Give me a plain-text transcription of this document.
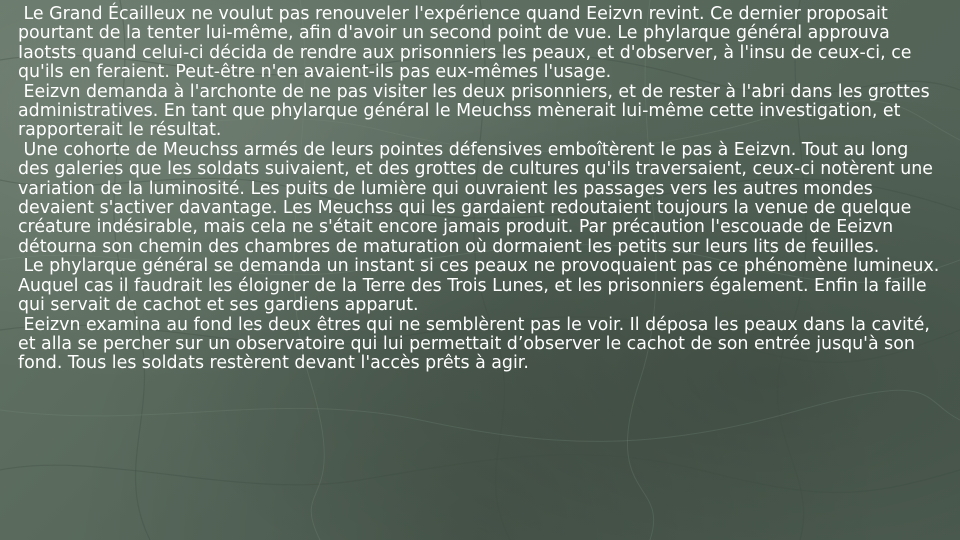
Le Grand Écailleux ne voulut pas renouveler l'expérience quand Eeizvn revint. Ce dernier proposait pourtant de la tenter lui-même, afin d'avoir un second point de vue. Le phylarque général approuva Iaotsts quand celui-ci décida de rendre aux prisonniers les peaux, et d'observer, à l'insu de ceux-ci, ce qu'ils en feraient. Peut-être n'en avaient-ils pas eux-mêmes l'usage.

Eeizvn demanda à l'archonte de ne pas visiter les deux prisonniers, et de rester à l'abri dans les grottes administratives. En tant que phylarque général le Meuchss mènerait lui-même cette investigation, et rapporterait le résultat.

Une cohorte de Meuchss armés de leurs pointes défensives emboîtèrent le pas à Eeizvn. Tout au long des galeries que les soldats suivaient, et des grottes de cultures qu'ils traversaient, ceux-ci notèrent une variation de la luminosité. Les puits de lumière qui ouvraient les passages vers les autres mondes devaient s'activer davantage. Les Meuchss qui les gardaient redoutaient toujours la venue de quelque créature indésirable, mais cela ne s'était encore jamais produit. Par précaution l'escouade de Eeizvn détourna son chemin des chambres de maturation où dormaient les petits sur leurs lits de feuilles.

Le phylarque général se demanda un instant si ces peaux ne provoquaient pas ce phénomène lumineux. Auquel cas il faudrait les éloigner de la Terre des Trois Lunes, et les prisonniers également. Enfin la faille qui servait de cachot et ses gardiens apparut.

Eeizvn examina au fond les deux êtres qui ne semblèrent pas le voir. Il déposa les peaux dans la cavité, et alla se percher sur un observatoire qui lui permettait d’observer le cachot de son entrée jusqu'à son fond. Tous les soldats restèrent devant l'accès prêts à agir.
